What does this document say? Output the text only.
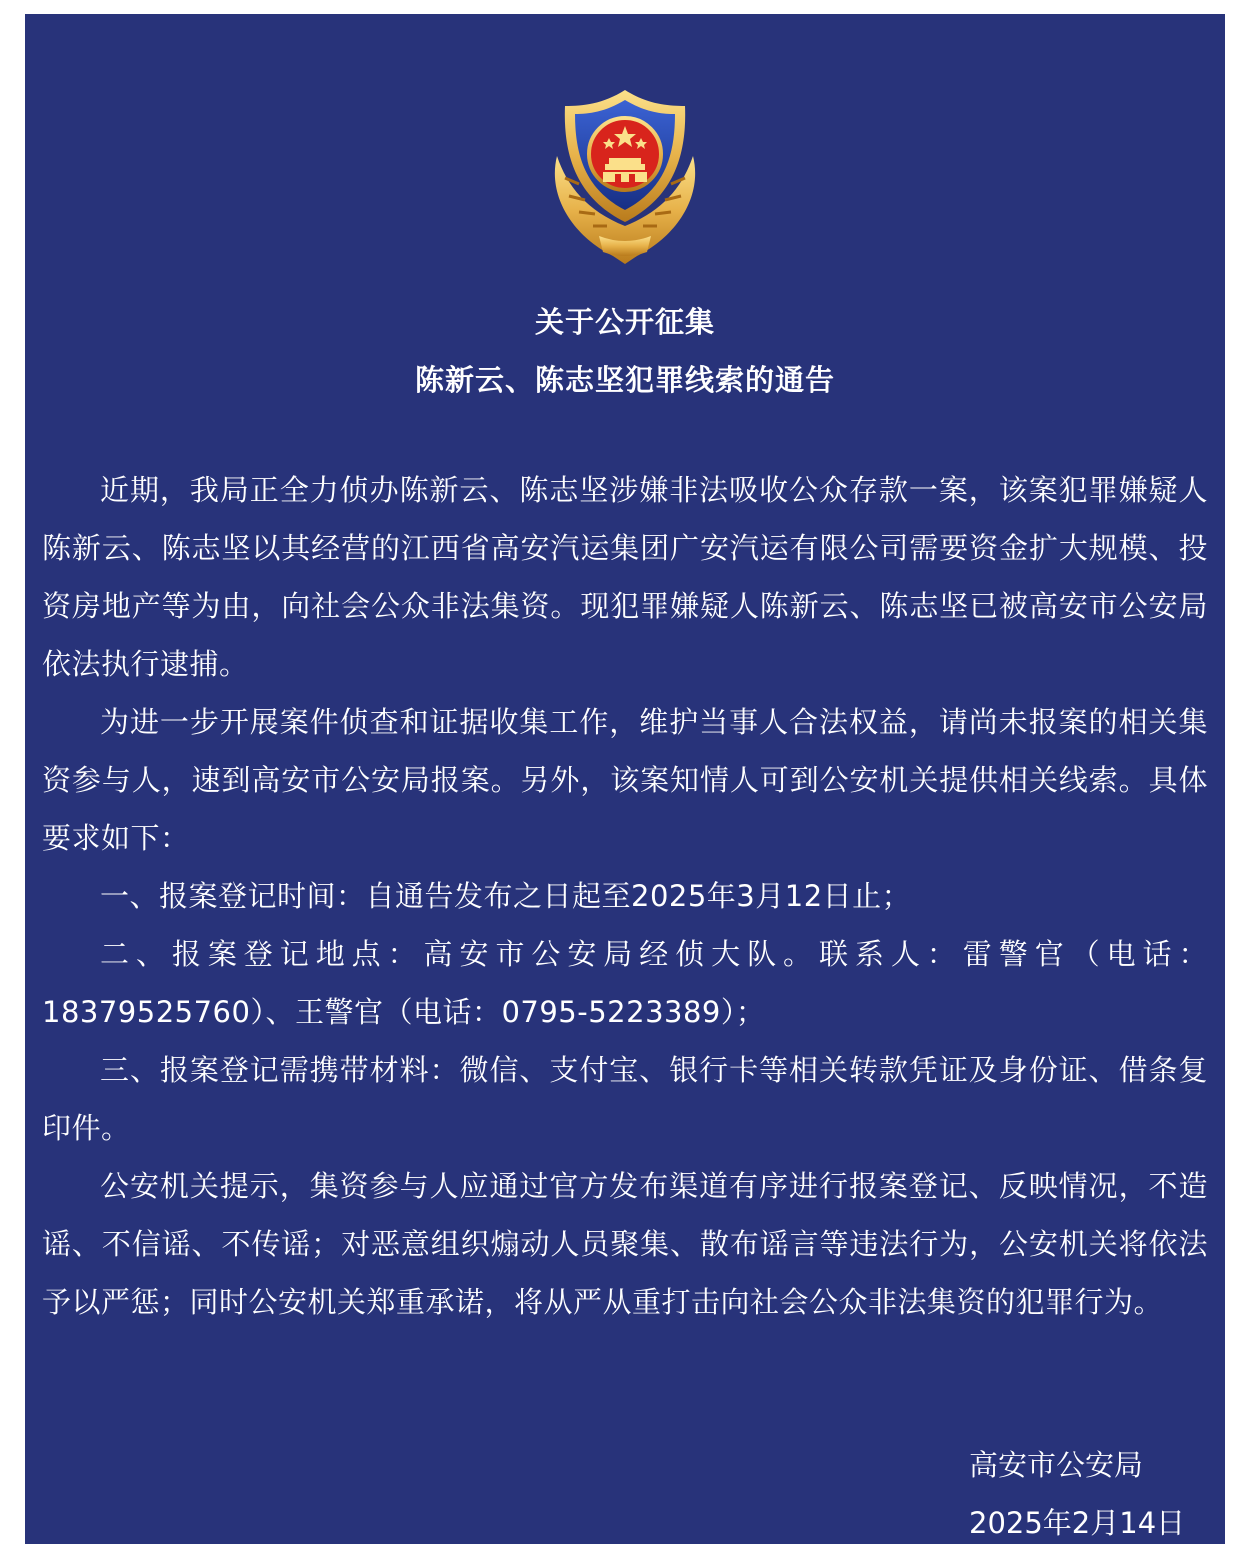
关于公开征集
陈新云、陈志坚犯罪线索的通告

近期，我局正全力侦办陈新云、陈志坚涉嫌非法吸收公众存款一案，该案犯罪嫌疑人陈新云、陈志坚以其经营的江西省高安汽运集团广安汽运有限公司需要资金扩大规模、投资房地产等为由，向社会公众非法集资。现犯罪嫌疑人陈新云、陈志坚已被高安市公安局依法执行逮捕。

为进一步开展案件侦查和证据收集工作，维护当事人合法权益，请尚未报案的相关集资参与人，速到高安市公安局报案。另外，该案知情人可到公安机关提供相关线索。具体要求如下：

一、报案登记时间：自通告发布之日起至2025年3月12日止；

二、报案登记地点：高安市公安局经侦大队。联系人：雷警官（电话：18379525760）、王警官（电话：0795-5223389）；

三、报案登记需携带材料：微信、支付宝、银行卡等相关转款凭证及身份证、借条复印件。

公安机关提示，集资参与人应通过官方发布渠道有序进行报案登记、反映情况，不造谣、不信谣、不传谣；对恶意组织煽动人员聚集、散布谣言等违法行为，公安机关将依法予以严惩；同时公安机关郑重承诺，将从严从重打击向社会公众非法集资的犯罪行为。

高安市公安局
2025年2月14日
